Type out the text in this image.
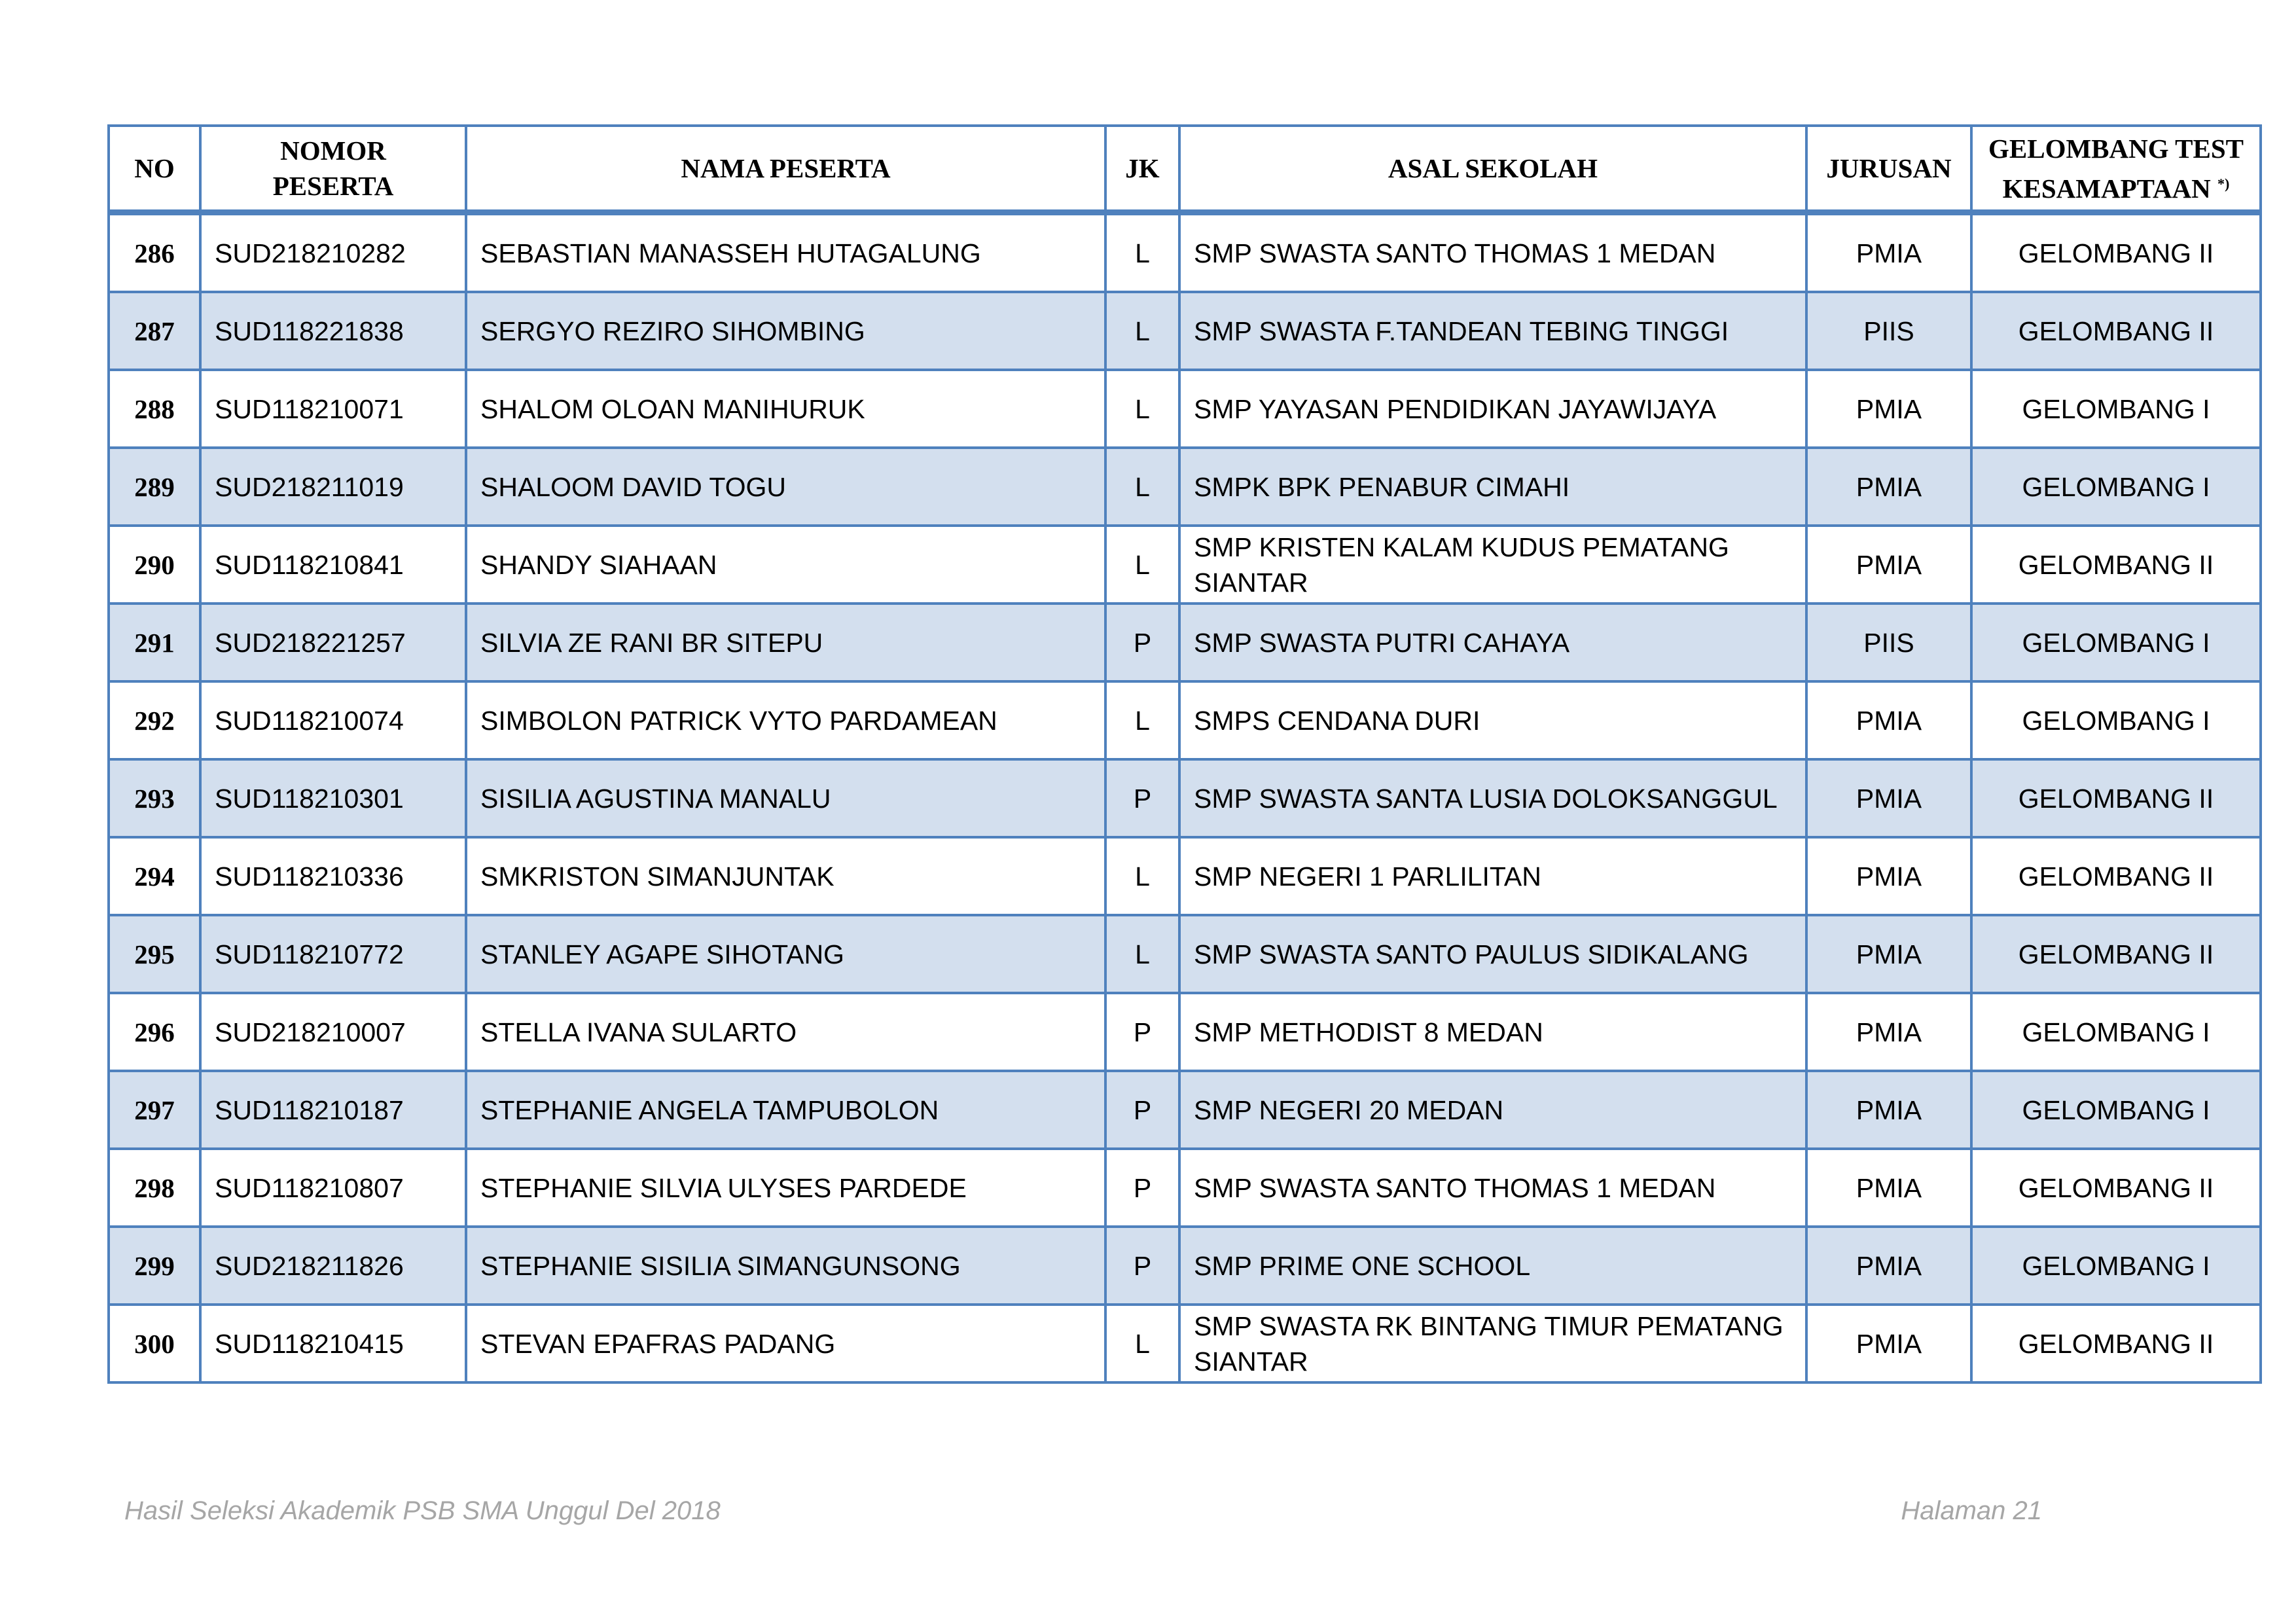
NO	NOMOR
PESERTA	NAMA PESERTA	JK	ASAL SEKOLAH	JURUSAN	GELOMBANG TEST
KESAMAPTAAN *)
286	SUD218210282	SEBASTIAN MANASSEH HUTAGALUNG	L	SMP SWASTA SANTO THOMAS 1 MEDAN	PMIA	GELOMBANG II
287	SUD118221838	SERGYO REZIRO SIHOMBING	L	SMP SWASTA F.TANDEAN TEBING TINGGI	PIIS	GELOMBANG II
288	SUD118210071	SHALOM OLOAN MANIHURUK	L	SMP YAYASAN PENDIDIKAN JAYAWIJAYA	PMIA	GELOMBANG I
289	SUD218211019	SHALOOM DAVID TOGU	L	SMPK BPK PENABUR CIMAHI	PMIA	GELOMBANG I
290	SUD118210841	SHANDY SIAHAAN	L	SMP KRISTEN KALAM KUDUS PEMATANG SIANTAR	PMIA	GELOMBANG II
291	SUD218221257	SILVIA ZE RANI BR SITEPU	P	SMP SWASTA PUTRI CAHAYA	PIIS	GELOMBANG I
292	SUD118210074	SIMBOLON PATRICK VYTO PARDAMEAN	L	SMPS CENDANA DURI	PMIA	GELOMBANG I
293	SUD118210301	SISILIA AGUSTINA MANALU	P	SMP SWASTA SANTA LUSIA DOLOKSANGGUL	PMIA	GELOMBANG II
294	SUD118210336	SMKRISTON SIMANJUNTAK	L	SMP NEGERI 1 PARLILITAN	PMIA	GELOMBANG II
295	SUD118210772	STANLEY AGAPE SIHOTANG	L	SMP SWASTA SANTO PAULUS SIDIKALANG	PMIA	GELOMBANG II
296	SUD218210007	STELLA IVANA SULARTO	P	SMP METHODIST 8 MEDAN	PMIA	GELOMBANG I
297	SUD118210187	STEPHANIE ANGELA TAMPUBOLON	P	SMP NEGERI 20 MEDAN	PMIA	GELOMBANG I
298	SUD118210807	STEPHANIE SILVIA ULYSES PARDEDE	P	SMP SWASTA SANTO THOMAS 1 MEDAN	PMIA	GELOMBANG II
299	SUD218211826	STEPHANIE SISILIA SIMANGUNSONG	P	SMP PRIME ONE SCHOOL	PMIA	GELOMBANG I
300	SUD118210415	STEVAN EPAFRAS PADANG	L	SMP SWASTA RK BINTANG TIMUR PEMATANG SIANTAR	PMIA	GELOMBANG II
Hasil Seleksi Akademik PSB SMA Unggul Del 2018	Halaman 21
